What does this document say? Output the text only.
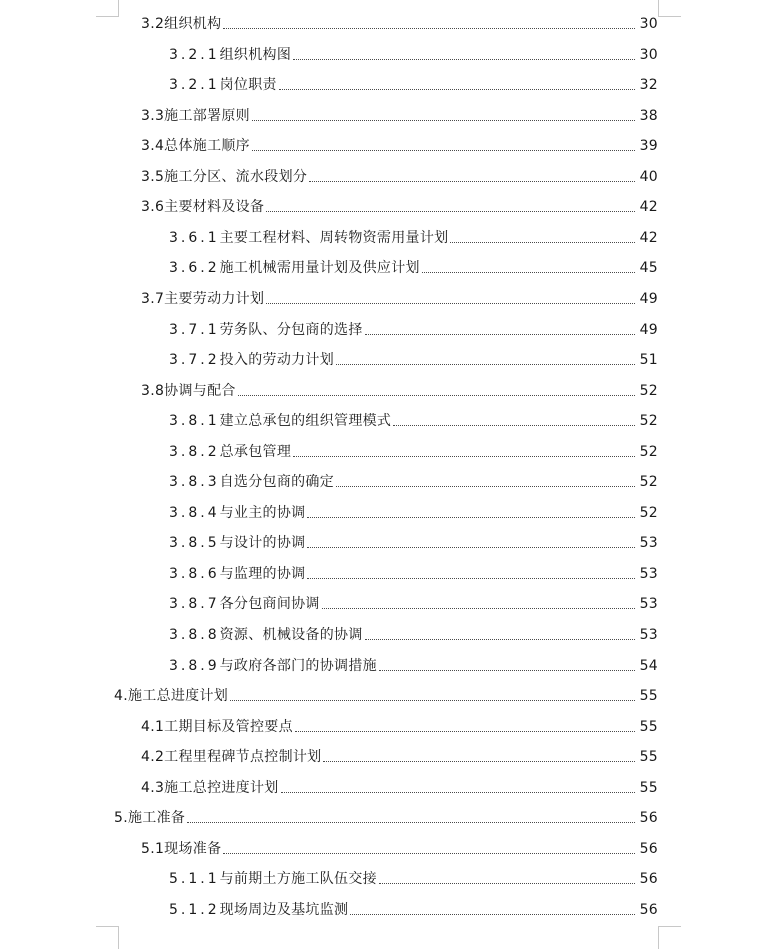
3.2 组织机构	30
3.2.1 组织机构图	30
3.2.1 岗位职责	32
3.3 施工部署原则	38
3.4 总体施工顺序	39
3.5 施工分区、流水段划分	40
3.6 主要材料及设备	42
3.6.1 主要工程材料、周转物资需用量计划	42
3.6.2 施工机械需用量计划及供应计划	45
3.7 主要劳动力计划	49
3.7.1 劳务队、分包商的选择	49
3.7.2 投入的劳动力计划	51
3.8 协调与配合	52
3.8.1 建立总承包的组织管理模式	52
3.8.2 总承包管理	52
3.8.3 自选分包商的确定	52
3.8.4 与业主的协调	52
3.8.5 与设计的协调	53
3.8.6 与监理的协调	53
3.8.7 各分包商间协调	53
3.8.8 资源、机械设备的协调	53
3.8.9 与政府各部门的协调措施	54
4. 施工总进度计划	55
4.1 工期目标及管控要点	55
4.2 工程里程碑节点控制计划	55
4.3 施工总控进度计划	55
5. 施工准备	56
5.1 现场准备	56
5.1.1 与前期土方施工队伍交接	56
5.1.2 现场周边及基坑监测	56
